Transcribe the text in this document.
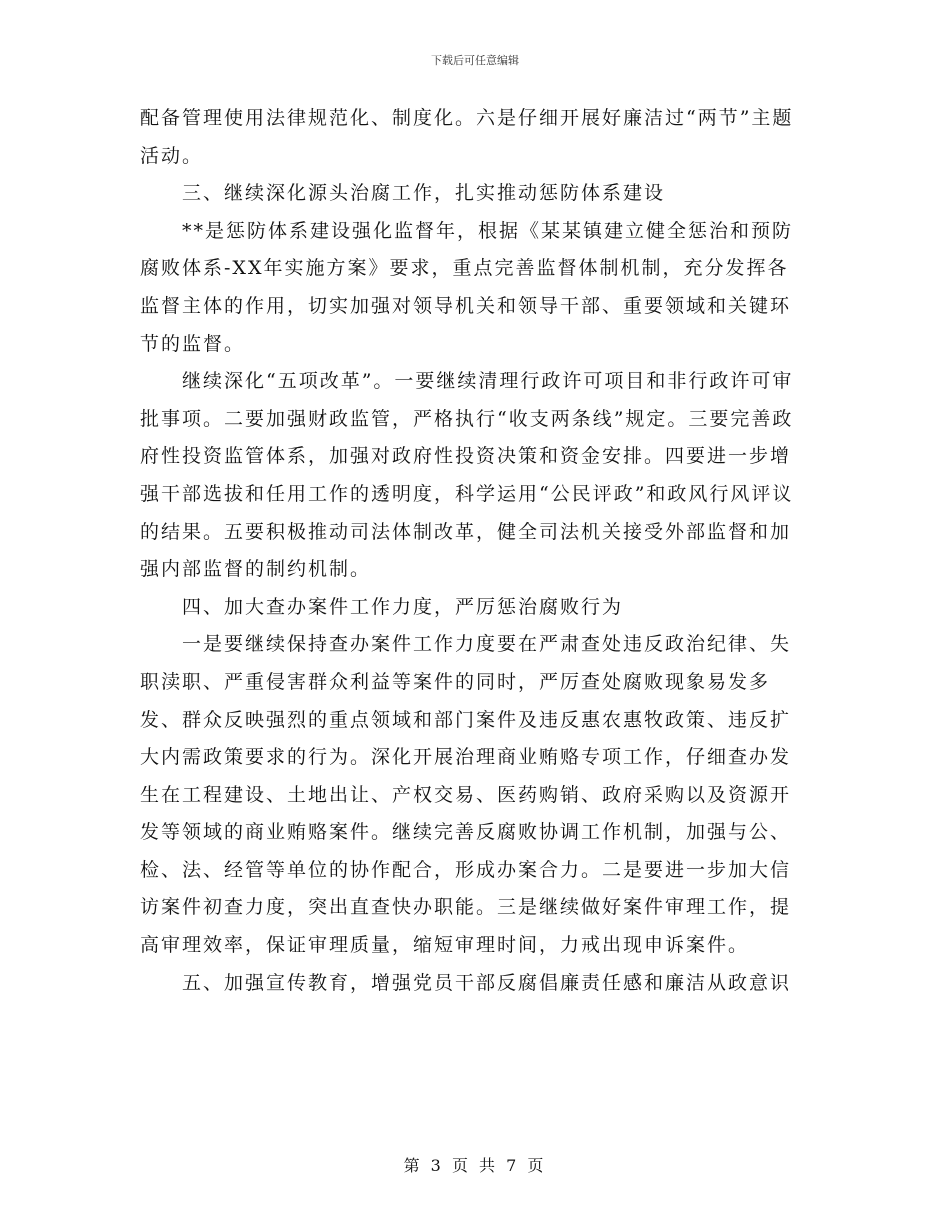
下载后可任意编辑

配备管理使用法律规范化、制度化。六是仔细开展好廉洁过“两节”主题活动。

三、继续深化源头治腐工作，扎实推动惩防体系建设

**是惩防体系建设强化监督年，根据《某某镇建立健全惩治和预防腐败体系-XX年实施方案》要求，重点完善监督体制机制，充分发挥各监督主体的作用，切实加强对领导机关和领导干部、重要领域和关键环节的监督。

继续深化“五项改革”。一要继续清理行政许可项目和非行政许可审批事项。二要加强财政监管，严格执行“收支两条线”规定。三要完善政府性投资监管体系，加强对政府性投资决策和资金安排。四要进一步增强干部选拔和任用工作的透明度，科学运用“公民评政”和政风行风评议的结果。五要积极推动司法体制改革，健全司法机关接受外部监督和加强内部监督的制约机制。

四、加大查办案件工作力度，严厉惩治腐败行为

一是要继续保持查办案件工作力度要在严肃查处违反政治纪律、失职渎职、严重侵害群众利益等案件的同时，严厉查处腐败现象易发多发、群众反映强烈的重点领域和部门案件及违反惠农惠牧政策、违反扩大内需政策要求的行为。深化开展治理商业贿赂专项工作，仔细查办发生在工程建设、土地出让、产权交易、医药购销、政府采购以及资源开发等领域的商业贿赂案件。继续完善反腐败协调工作机制，加强与公、检、法、经管等单位的协作配合，形成办案合力。二是要进一步加大信访案件初查力度，突出直查快办职能。三是继续做好案件审理工作，提高审理效率，保证审理质量，缩短审理时间，力戒出现申诉案件。

五、加强宣传教育，增强党员干部反腐倡廉责任感和廉洁从政意识

第 3 页 共 7 页
